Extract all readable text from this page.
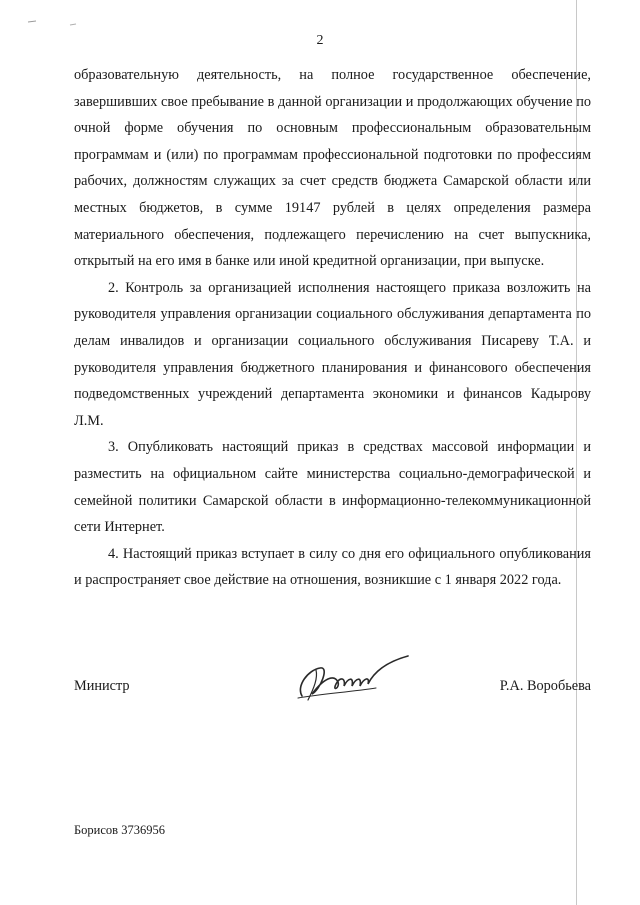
2

образовательную деятельность, на полное государственное обеспечение, завершивших свое пребывание в данной организации и продолжающих обучение по очной форме обучения по основным профессиональным образовательным программам и (или) по программам профессиональной подготовки по профессиям рабочих, должностям служащих за счет средств бюджета Самарской области или местных бюджетов, в сумме 19147 рублей в целях определения размера материального обеспечения, подлежащего перечислению на счет выпускника, открытый на его имя в банке или иной кредитной организации, при выпуске.

2. Контроль за организацией исполнения настоящего приказа возложить на руководителя управления организации социального обслуживания департамента по делам инвалидов и организации социального обслуживания Писареву Т.А. и руководителя управления бюджетного планирования и финансового обеспечения подведомственных учреждений департамента экономики и финансов Кадырову Л.М.

3. Опубликовать настоящий приказ в средствах массовой информации и разместить на официальном сайте министерства социально-демографической и семейной политики Самарской области в информационно-телекоммуникационной сети Интернет.

4. Настоящий приказ вступает в силу со дня его официального опубликования и распространяет свое действие на отношения, возникшие с 1 января 2022 года.

Министр	Р.А. Воробьева
Борисов 3736956
